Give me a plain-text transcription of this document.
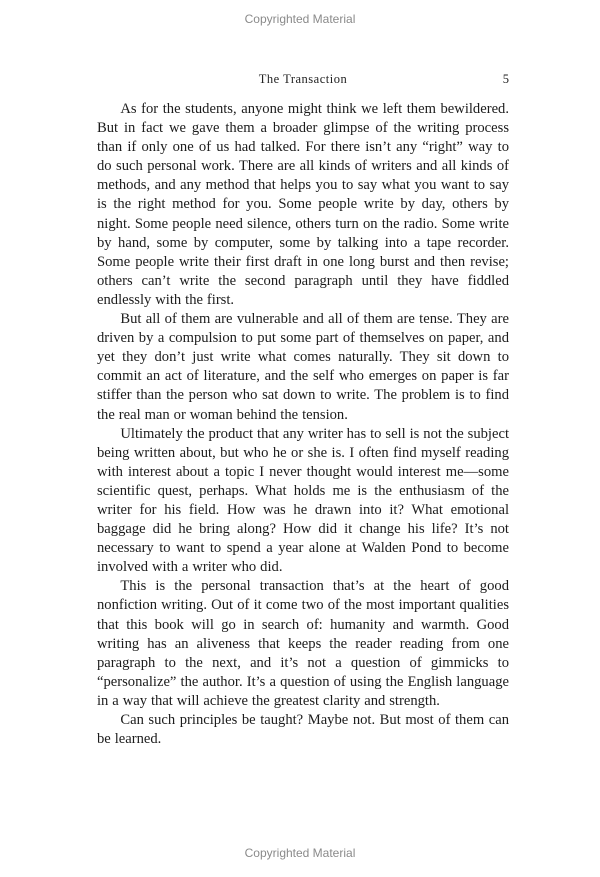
Copyrighted Material
The Transaction	5

As for the students, anyone might think we left them bewildered. But in fact we gave them a broader glimpse of the writing process than if only one of us had talked. For there isn’t any “right” way to do such personal work. There are all kinds of writers and all kinds of methods, and any method that helps you to say what you want to say is the right method for you. Some people write by day, others by night. Some people need silence, others turn on the radio. Some write by hand, some by computer, some by talking into a tape recorder. Some people write their first draft in one long burst and then revise; others can’t write the second paragraph until they have fiddled endlessly with the first.

But all of them are vulnerable and all of them are tense. They are driven by a compulsion to put some part of themselves on paper, and yet they don’t just write what comes naturally. They sit down to commit an act of literature, and the self who emerges on paper is far stiffer than the person who sat down to write. The problem is to find the real man or woman behind the tension.

Ultimately the product that any writer has to sell is not the subject being written about, but who he or she is. I often find myself reading with interest about a topic I never thought would interest me—some scientific quest, perhaps. What holds me is the enthusiasm of the writer for his field. How was he drawn into it? What emotional baggage did he bring along? How did it change his life? It’s not necessary to want to spend a year alone at Walden Pond to become involved with a writer who did.

This is the personal transaction that’s at the heart of good nonfiction writing. Out of it come two of the most important qualities that this book will go in search of: humanity and warmth. Good writing has an aliveness that keeps the reader reading from one paragraph to the next, and it’s not a question of gimmicks to “personalize” the author. It’s a question of using the English language in a way that will achieve the greatest clarity and strength.

Can such principles be taught? Maybe not. But most of them can be learned.

Copyrighted Material
